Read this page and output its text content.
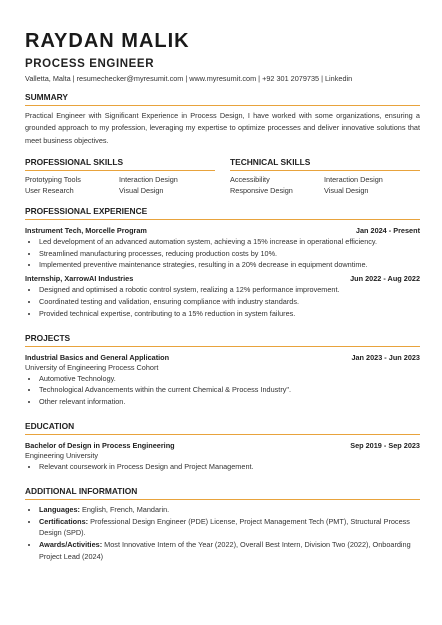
RAYDAN MALIK
PROCESS ENGINEER
Valletta, Malta | resumechecker@myresumit.com | www.myresumit.com | +92 301 2079735 | Linkedin
SUMMARY
Practical Engineer with Significant Experience in Process Design, I have worked with some organizations, ensuring a grounded approach to my profession, leveraging my expertise to optimize processes and deliver innovative solutions that meet business objectives.
PROFESSIONAL SKILLS
Prototyping Tools	Interaction Design
User Research	Visual Design
TECHNICAL SKILLS
Accessibility	Interaction Design
Responsive Design	Visual Design
PROFESSIONAL EXPERIENCE
Instrument Tech, Morcelle Program	Jan 2024 - Present
• Led development of an advanced automation system, achieving a 15% increase in operational efficiency.
• Streamlined manufacturing processes, reducing production costs by 10%.
• Implemented preventive maintenance strategies, resulting in a 20% decrease in equipment downtime.
Internship, XarrowAI Industries	Jun 2022 - Aug 2022
• Designed and optimised a robotic control system, realizing a 12% performance improvement.
• Coordinated testing and validation, ensuring compliance with industry standards.
• Provided technical expertise, contributing to a 15% reduction in system failures.
PROJECTS
Industrial Basics and General Application	Jan 2023 - Jun 2023
University of Engineering Process Cohort
• Automotive Technology.
• Technological Advancements within the current Chemical & Process Industry".
• Other relevant information.
EDUCATION
Bachelor of Design in Process Engineering	Sep 2019 - Sep 2023
Engineering University
• Relevant coursework in Process Design and Project Management.
ADDITIONAL INFORMATION
• Languages: English, French, Mandarin.
• Certifications: Professional Design Engineer (PDE) License, Project Management Tech (PMT), Structural Process Design (SPD).
• Awards/Activities: Most Innovative Intern of the Year (2022), Overall Best Intern, Division Two (2022), Onboarding Project Lead (2024)
